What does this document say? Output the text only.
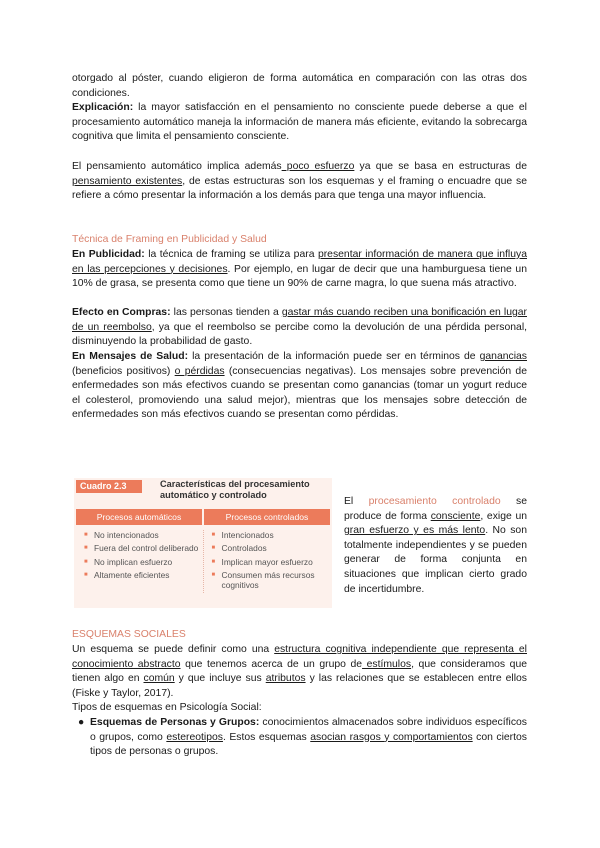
otorgado al póster, cuando eligieron de forma automática en comparación con las otras dos condiciones.
Explicación: la mayor satisfacción en el pensamiento no consciente puede deberse a que el procesamiento automático maneja la información de manera más eficiente, evitando la sobrecarga cognitiva que limita el pensamiento consciente.
El pensamiento automático implica además poco esfuerzo ya que se basa en estructuras de pensamiento existentes, de estas estructuras son los esquemas y el framing o encuadre que se refiere a cómo presentar la información a los demás para que tenga una mayor influencia.
Técnica de Framing en Publicidad y Salud
En Publicidad: la técnica de framing se utiliza para presentar información de manera que influya en las percepciones y decisiones. Por ejemplo, en lugar de decir que una hamburguesa tiene un 10% de grasa, se presenta como que tiene un 90% de carne magra, lo que suena más atractivo.
Efecto en Compras: las personas tienden a gastar más cuando reciben una bonificación en lugar de un reembolso, ya que el reembolso se percibe como la devolución de una pérdida personal, disminuyendo la probabilidad de gasto.
En Mensajes de Salud: la presentación de la información puede ser en términos de ganancias (beneficios positivos) o pérdidas (consecuencias negativas). Los mensajes sobre prevención de enfermedades son más efectivos cuando se presentan como ganancias (tomar un yogurt reduce el colesterol, promoviendo una salud mejor), mientras que los mensajes sobre detección de enfermedades son más efectivos cuando se presentan como pérdidas.
Cuadro 2.3	Características del procesamiento automático y controlado
Procesos automáticos	Procesos controlados
■ No intencionados
■ Fuera del control deliberado
■ No implican esfuerzo
■ Altamente eficientes
■ Intencionados
■ Controlados
■ Implican mayor esfuerzo
■ Consumen más recursos cognitivos
El procesamiento controlado se produce de forma consciente, exige un gran esfuerzo y es más lento. No son totalmente independientes y se pueden generar de forma conjunta en situaciones que implican cierto grado de incertidumbre.
ESQUEMAS SOCIALES
Un esquema se puede definir como una estructura cognitiva independiente que representa el conocimiento abstracto que tenemos acerca de un grupo de estímulos, que consideramos que tienen algo en común y que incluye sus atributos y las relaciones que se establecen entre ellos (Fiske y Taylor, 2017).
Tipos de esquemas en Psicología Social:
● Esquemas de Personas y Grupos: conocimientos almacenados sobre individuos específicos o grupos, como estereotipos. Estos esquemas asocian rasgos y comportamientos con ciertos tipos de personas o grupos.
